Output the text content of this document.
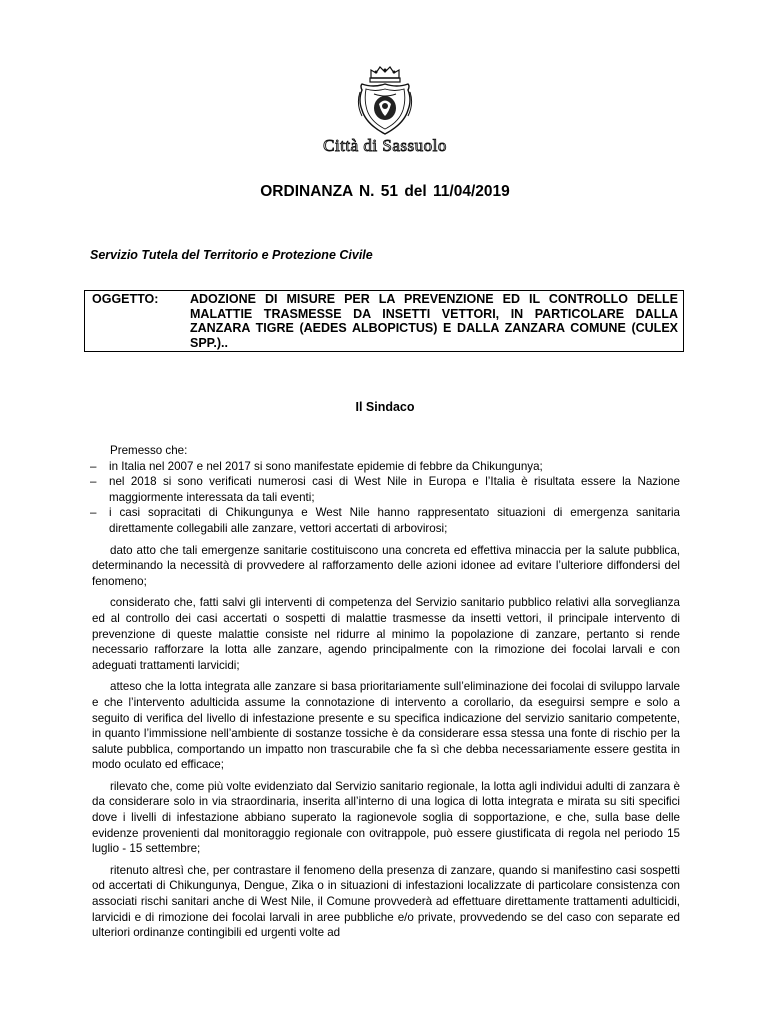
Città di Sassuolo
ORDINANZA N. 51 del 11/04/2019
Servizio Tutela del Territorio e Protezione Civile
OGGETTO:	ADOZIONE DI MISURE PER LA PREVENZIONE ED IL CONTROLLO DELLE MALATTIE TRASMESSE DA INSETTI VETTORI, IN PARTICOLARE DALLA ZANZARA TIGRE (AEDES ALBOPICTUS) E DALLA ZANZARA COMUNE (CULEX SPP.)..
Il Sindaco

Premesso che:

– in Italia nel 2007 e nel 2017 si sono manifestate epidemie di febbre da Chikungunya;
– nel 2018 si sono verificati numerosi casi di West Nile in Europa e l’Italia è risultata essere la Nazione maggiormente interessata da tali eventi;
– i casi sopracitati di Chikungunya e West Nile hanno rappresentato situazioni di emergenza sanitaria direttamente collegabili alle zanzare, vettori accertati di arbovirosi;

dato atto che tali emergenze sanitarie costituiscono una concreta ed effettiva minaccia per la salute pubblica, determinando la necessità di provvedere al rafforzamento delle azioni idonee ad evitare l’ulteriore diffondersi del fenomeno;

considerato che, fatti salvi gli interventi di competenza del Servizio sanitario pubblico relativi alla sorveglianza ed al controllo dei casi accertati o sospetti di malattie trasmesse da insetti vettori, il principale intervento di prevenzione di queste malattie consiste nel ridurre al minimo la popolazione di zanzare, pertanto si rende necessario rafforzare la lotta alle zanzare, agendo principalmente con la rimozione dei focolai larvali e con adeguati trattamenti larvicidi;

atteso che la lotta integrata alle zanzare si basa prioritariamente sull’eliminazione dei focolai di sviluppo larvale e che l’intervento adulticida assume la connotazione di intervento a corollario, da eseguirsi sempre e solo a seguito di verifica del livello di infestazione presente e su specifica indicazione del servizio sanitario competente, in quanto l’immissione nell’ambiente di sostanze tossiche è da considerare essa stessa una fonte di rischio per la salute pubblica, comportando un impatto non trascurabile che fa sì che debba necessariamente essere gestita in modo oculato ed efficace;

rilevato che, come più volte evidenziato dal Servizio sanitario regionale, la lotta agli individui adulti di zanzara è da considerare solo in via straordinaria, inserita all’interno di una logica di lotta integrata e mirata su siti specifici dove i livelli di infestazione abbiano superato la ragionevole soglia di sopportazione, e che, sulla base delle evidenze provenienti dal monitoraggio regionale con ovitrappole, può essere giustificata di regola nel periodo 15 luglio - 15 settembre;

ritenuto altresì che, per contrastare il fenomeno della presenza di zanzare, quando si manifestino casi sospetti od accertati di Chikungunya, Dengue, Zika o in situazioni di infestazioni localizzate di particolare consistenza con associati rischi sanitari anche di West Nile, il Comune provvederà ad effettuare direttamente trattamenti adulticidi, larvicidi e di rimozione dei focolai larvali in aree pubbliche e/o private, provvedendo se del caso con separate ed ulteriori ordinanze contingibili ed urgenti volte ad
